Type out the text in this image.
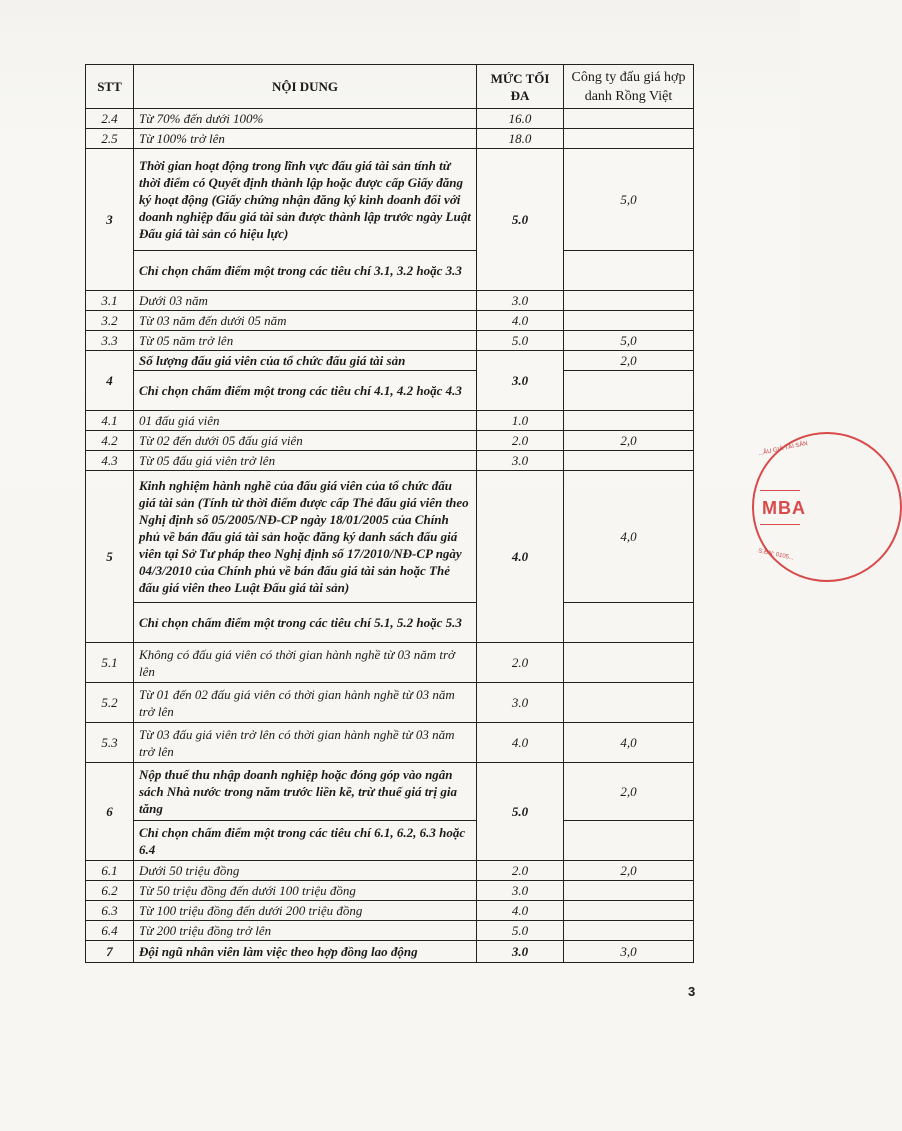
STT	NỘI DUNG	MỨC TỐI ĐA	Công ty đấu giá hợp danh Rồng Việt
2.4	Từ 70% đến dưới 100%	16.0	
2.5	Từ 100% trở lên	18.0	
3	Thời gian hoạt động trong lĩnh vực đấu giá tài sản tính từ thời điểm có Quyết định thành lập hoặc được cấp Giấy đăng ký hoạt động (Giấy chứng nhận đăng ký kinh doanh đối với doanh nghiệp đấu giá tài sản được thành lập trước ngày Luật Đấu giá tài sản có hiệu lực)	5.0	5,0
	Chỉ chọn chấm điểm một trong các tiêu chí 3.1, 3.2 hoặc 3.3		
3.1	Dưới 03 năm	3.0	
3.2	Từ 03 năm đến dưới 05 năm	4.0	
3.3	Từ 05 năm trở lên	5.0	5,0
4	Số lượng đấu giá viên của tổ chức đấu giá tài sản	3.0	2,0
	Chỉ chọn chấm điểm một trong các tiêu chí 4.1, 4.2 hoặc 4.3		
4.1	01 đấu giá viên	1.0	
4.2	Từ 02 đến dưới 05 đấu giá viên	2.0	2,0
4.3	Từ 05 đấu giá viên trở lên	3.0	
5	Kinh nghiệm hành nghề của đấu giá viên của tổ chức đấu giá tài sản (Tính từ thời điểm được cấp Thẻ đấu giá viên theo Nghị định số 05/2005/NĐ-CP ngày 18/01/2005 của Chính phủ về bán đấu giá tài sản hoặc đăng ký danh sách đấu giá viên tại Sở Tư pháp theo Nghị định số 17/2010/NĐ-CP ngày 04/3/2010 của Chính phủ về bán đấu giá tài sản hoặc Thẻ đấu giá viên theo Luật Đấu giá tài sản)	4.0	4,0
	Chỉ chọn chấm điểm một trong các tiêu chí 5.1, 5.2 hoặc 5.3		
5.1	Không có đấu giá viên có thời gian hành nghề từ 03 năm trở lên	2.0	
5.2	Từ 01 đến 02 đấu giá viên có thời gian hành nghề từ 03 năm trở lên	3.0	
5.3	Từ 03 đấu giá viên trở lên có thời gian hành nghề từ 03 năm trở lên	4.0	4,0
6	Nộp thuế thu nhập doanh nghiệp hoặc đóng góp vào ngân sách Nhà nước trong năm trước liền kề, trừ thuế giá trị gia tăng	5.0	2,0
	Chỉ chọn chấm điểm một trong các tiêu chí 6.1, 6.2, 6.3 hoặc 6.4		
6.1	Dưới 50 triệu đồng	2.0	2,0
6.2	Từ 50 triệu đồng đến dưới 100 triệu đồng	3.0	
6.3	Từ 100 triệu đồng đến dưới 200 triệu đồng	4.0	
6.4	Từ 200 triệu đồng trở lên	5.0	
7	Đội ngũ nhân viên làm việc theo hợp đồng lao động	3.0	3,0
3
...ẤU GIÁ TÀI SẢN
MBA
S.ĐN: 0105...
